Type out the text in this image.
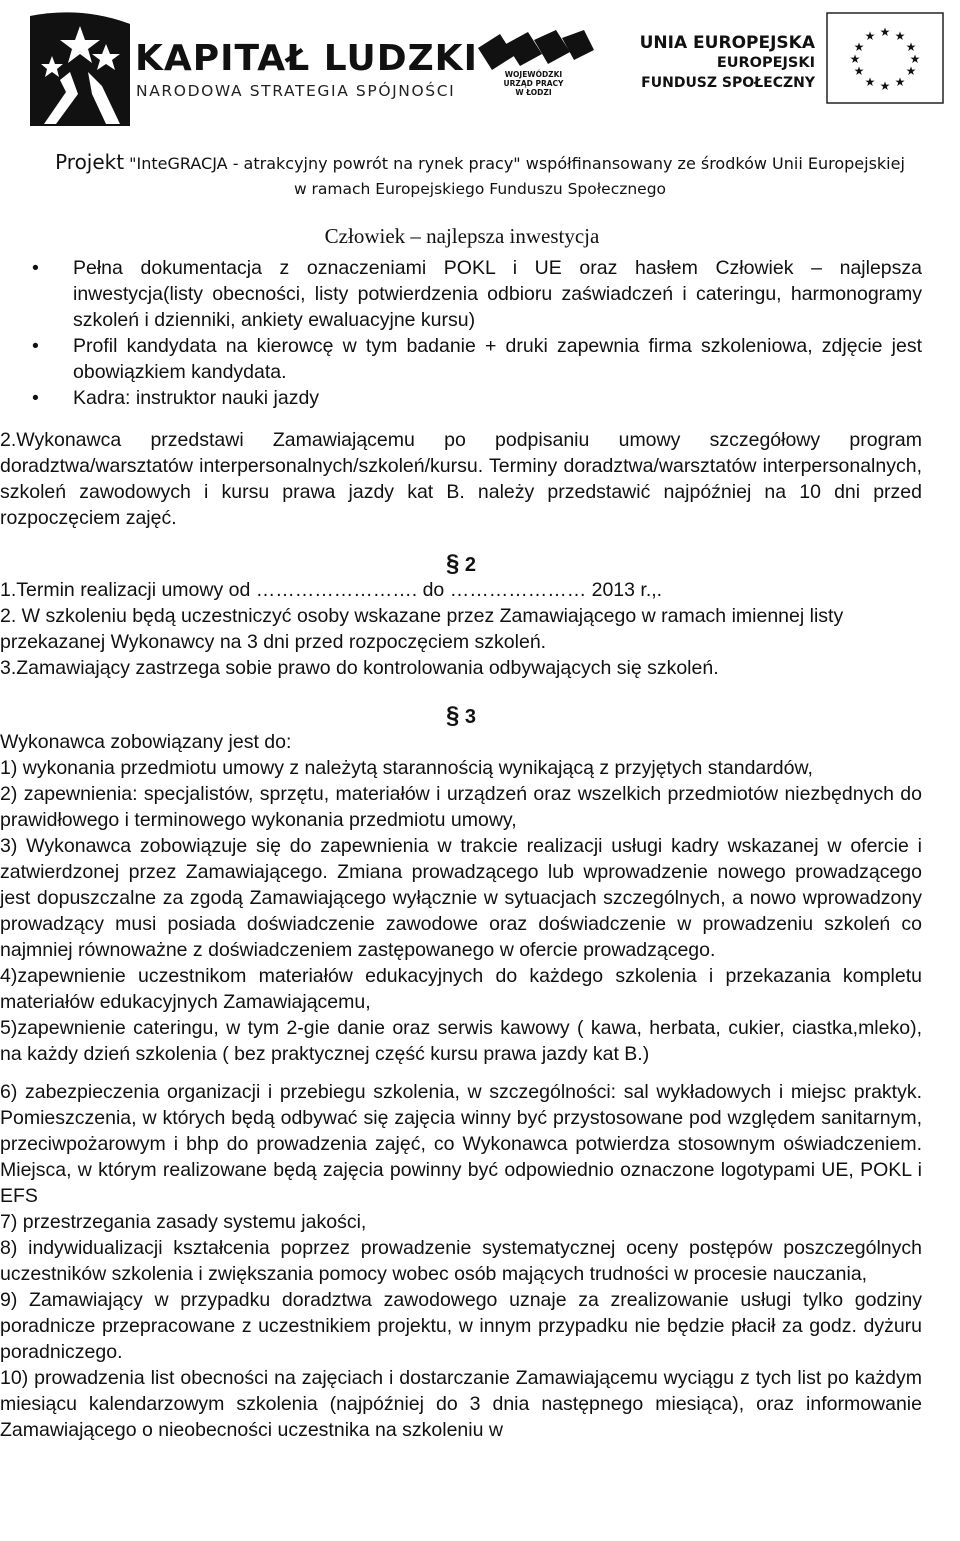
KAPITAŁ LUDZKI
NARODOWA STRATEGIA SPÓJNOŚCI
WOJEWÓDZKI
URZĄD PRACY
W ŁODZI
UNIA EUROPEJSKA
EUROPEJSKI
FUNDUSZ SPOŁECZNY
★ ★
★
★
★
★
★
★
★
★
★
★
Projekt "InteGRACJA - atrakcyjny powrót na rynek pracy" współfinansowany ze środków Unii Europejskiej
w ramach Europejskiego Funduszu Społecznego
Człowiek – najlepsza inwestycja
• Pełna dokumentacja z oznaczeniami POKL i UE oraz hasłem Człowiek – najlepsza inwestycja(listy obecności, listy potwierdzenia odbioru zaświadczeń i cateringu, harmonogramy szkoleń i dzienniki, ankiety ewaluacyjne kursu)
• Profil kandydata na kierowcę w tym badanie + druki zapewnia firma szkoleniowa, zdjęcie jest obowiązkiem kandydata.
• Kadra: instruktor nauki jazdy
2.Wykonawca przedstawi Zamawiającemu po podpisaniu umowy szczegółowy program doradztwa/warsztatów interpersonalnych/szkoleń/kursu. Terminy doradztwa/warsztatów interpersonalnych, szkoleń zawodowych i kursu prawa jazdy kat B. należy przedstawić najpóźniej na 10 dni przed rozpoczęciem zajęć.
§ 2
1.Termin realizacji umowy od ……………………. do ………………… 2013 r.,.
2. W szkoleniu będą uczestniczyć osoby wskazane przez Zamawiającego w ramach imiennej listy przekazanej Wykonawcy na 3 dni przed rozpoczęciem szkoleń.
3.Zamawiający zastrzega sobie prawo do kontrolowania odbywających się szkoleń.
§ 3
Wykonawca zobowiązany jest do:
1) wykonania przedmiotu umowy z należytą starannością wynikającą z przyjętych standardów,
2) zapewnienia: specjalistów, sprzętu, materiałów i urządzeń oraz wszelkich przedmiotów niezbędnych do prawidłowego i terminowego wykonania przedmiotu umowy,
3) Wykonawca zobowiązuje się do zapewnienia w trakcie realizacji usługi kadry wskazanej w ofercie i zatwierdzonej przez Zamawiającego. Zmiana prowadzącego lub wprowadzenie nowego prowadzącego jest dopuszczalne za zgodą Zamawiającego wyłącznie w sytuacjach szczególnych, a nowo wprowadzony prowadzący musi posiada doświadczenie zawodowe oraz doświadczenie w prowadzeniu szkoleń co najmniej równoważne z doświadczeniem zastępowanego w ofercie prowadzącego.
4)zapewnienie uczestnikom materiałów edukacyjnych do każdego szkolenia i przekazania kompletu materiałów edukacyjnych Zamawiającemu,
5)zapewnienie cateringu, w tym 2-gie danie oraz serwis kawowy ( kawa, herbata, cukier, ciastka,mleko), na każdy dzień szkolenia ( bez praktycznej część kursu prawa jazdy kat B.)
6) zabezpieczenia organizacji i przebiegu szkolenia, w szczególności: sal wykładowych i miejsc praktyk. Pomieszczenia, w których będą odbywać się zajęcia winny być przystosowane pod względem sanitarnym, przeciwpożarowym i bhp do prowadzenia zajęć, co Wykonawca potwierdza stosownym oświadczeniem. Miejsca, w którym realizowane będą zajęcia powinny być odpowiednio oznaczone logotypami UE, POKL i EFS
7) przestrzegania zasady systemu jakości,
8) indywidualizacji kształcenia poprzez prowadzenie systematycznej oceny postępów poszczególnych uczestników szkolenia i zwiększania pomocy wobec osób mających trudności w procesie nauczania,
9) Zamawiający w przypadku doradztwa zawodowego uznaje za zrealizowanie usługi tylko godziny poradnicze przepracowane z uczestnikiem projektu, w innym przypadku nie będzie płacił za godz. dyżuru poradniczego.
10) prowadzenia list obecności na zajęciach i dostarczanie Zamawiającemu wyciągu z tych list po każdym miesiącu kalendarzowym szkolenia (najpóźniej do 3 dnia następnego miesiąca), oraz informowanie Zamawiającego o nieobecności uczestnika na szkoleniu w
